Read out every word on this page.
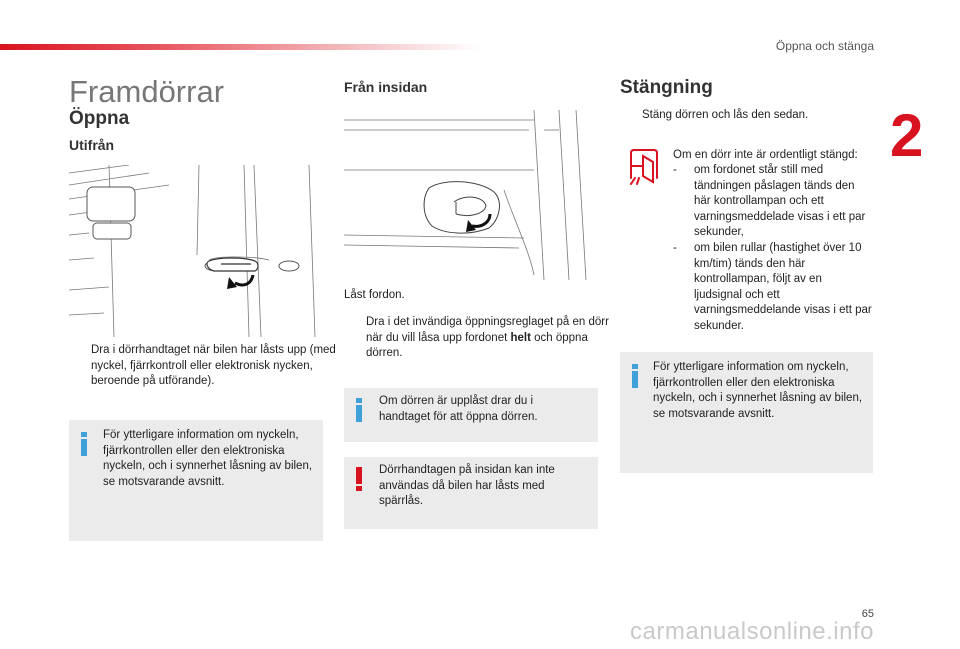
Öppna och stänga
2
Framdörrar
Öppna
Utifrån
Dra i dörrhandtaget när bilen har låsts upp (med nyckel, fjärrkontroll eller elektronisk nycken, beroende på utförande).
För ytterligare information om nyckeln, fjärrkontrollen eller den elektroniska nyckeln, och i synnerhet låsning av bilen, se motsvarande avsnitt.
Från insidan
Låst fordon.
Dra i det invändiga öppningsreglaget på en dörr när du vill låsa upp fordonet helt och öppna dörren.
Om dörren är upplåst drar du i handtaget för att öppna dörren.
Dörrhandtagen på insidan kan inte användas då bilen har låsts med spärrlås.
Stängning
Stäng dörren och lås den sedan.
Om en dörr inte är ordentligt stängd:
- om fordonet står still med tändningen påslagen tänds den här kontrollampan och ett varningsmeddelade visas i ett par sekunder,
- om bilen rullar (hastighet över 10 km/tim) tänds den här kontrollampan, följt av en ljudsignal och ett varningsmeddelande visas i ett par sekunder.
För ytterligare information om nyckeln, fjärrkontrollen eller den elektroniska nyckeln, och i synnerhet låsning av bilen, se motsvarande avsnitt.
65
carmanualsonline.info
